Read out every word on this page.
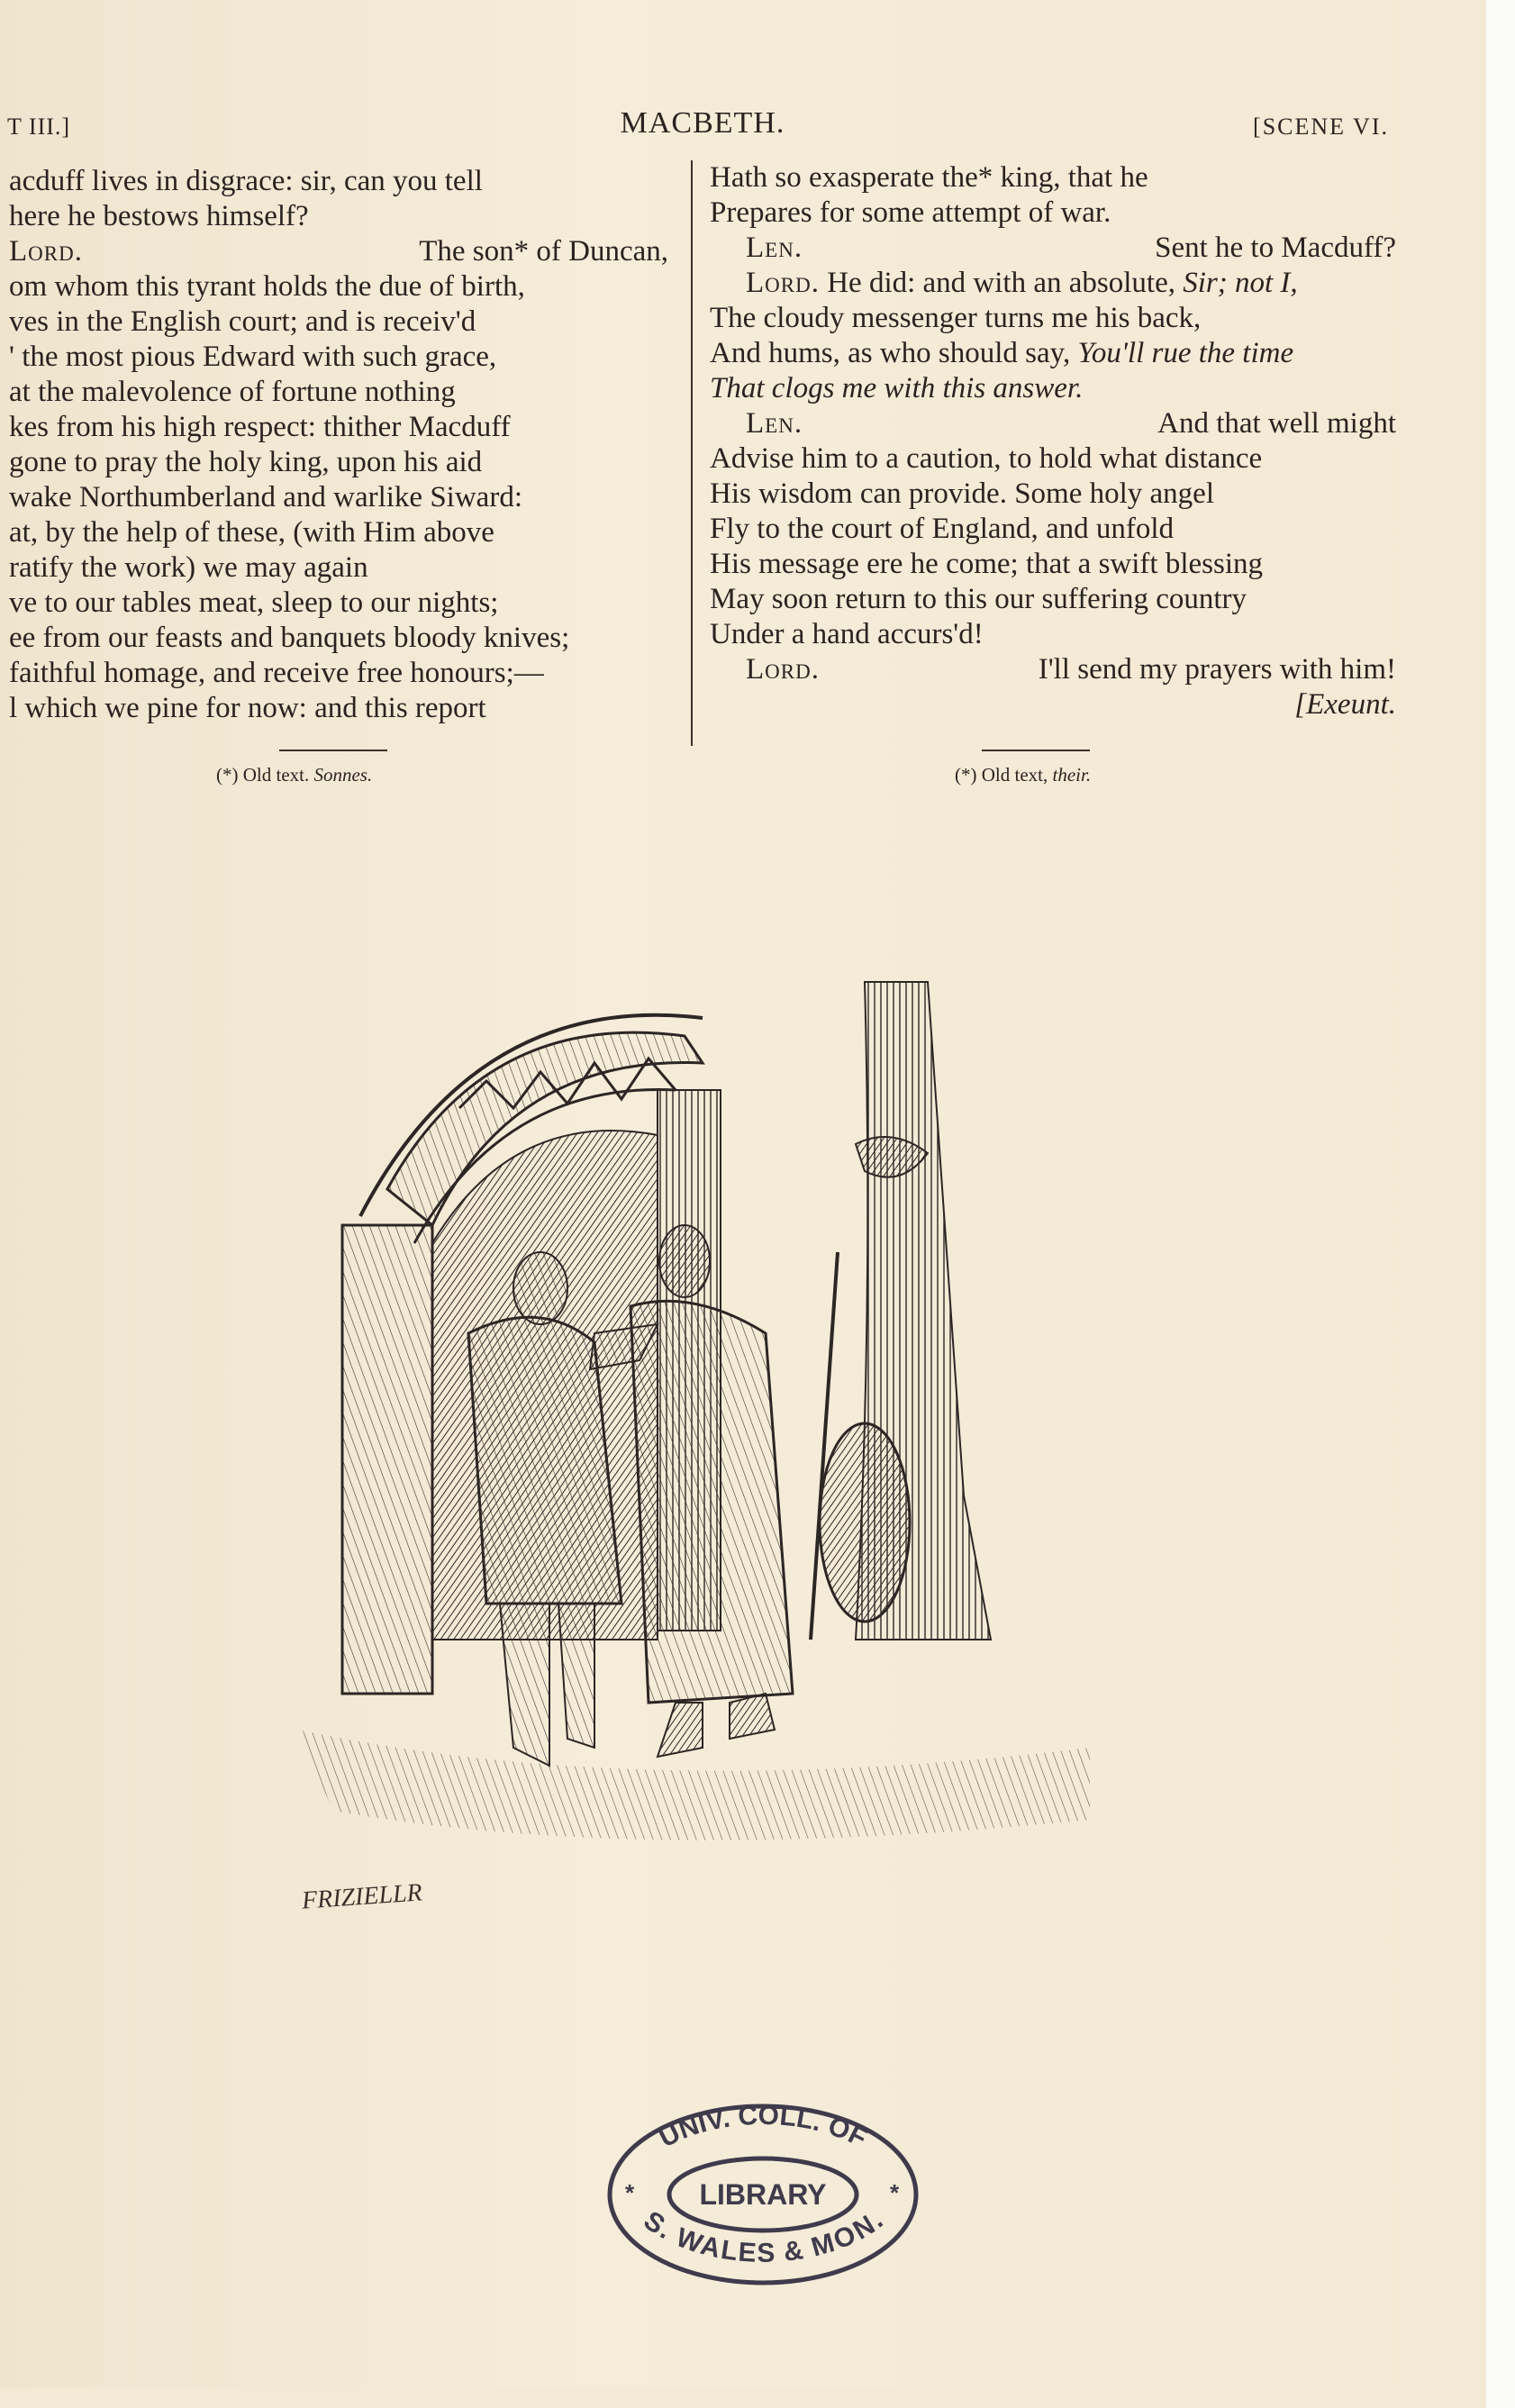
T III.]	MACBETH.	[SCENE VI.
acduff lives in disgrace: sir, can you tell
here he bestows himself?
Lord.	The son* of Duncan,
om whom this tyrant holds the due of birth,
ves in the English court; and is receiv'd
' the most pious Edward with such grace,
at the malevolence of fortune nothing
kes from his high respect: thither Macduff
gone to pray the holy king, upon his aid
wake Northumberland and warlike Siward:
at, by the help of these, (with Him above
ratify the work) we may again
ve to our tables meat, sleep to our nights;
ee from our feasts and banquets bloody knives;
faithful homage, and receive free honours;—
l which we pine for now: and this report
Hath so exasperate the* king, that he
Prepares for some attempt of war.
Len.	Sent he to Macduff?
Lord. He did: and with an absolute, Sir; not I,
The cloudy messenger turns me his back,
And hums, as who should say, You'll rue the time
That clogs me with this answer.
Len.	And that well might
Advise him to a caution, to hold what distance
His wisdom can provide. Some holy angel
Fly to the court of England, and unfold
His message ere he come; that a swift blessing
May soon return to this our suffering country
Under a hand accurs'd!
Lord.	I'll send my prayers with him!
[Exeunt.
(*) Old text. Sonnes.	(*) Old text, their.
FRIZIELLR
UNIV. COLL. OF
LIBRARY
S. WALES & MON.
*	*
